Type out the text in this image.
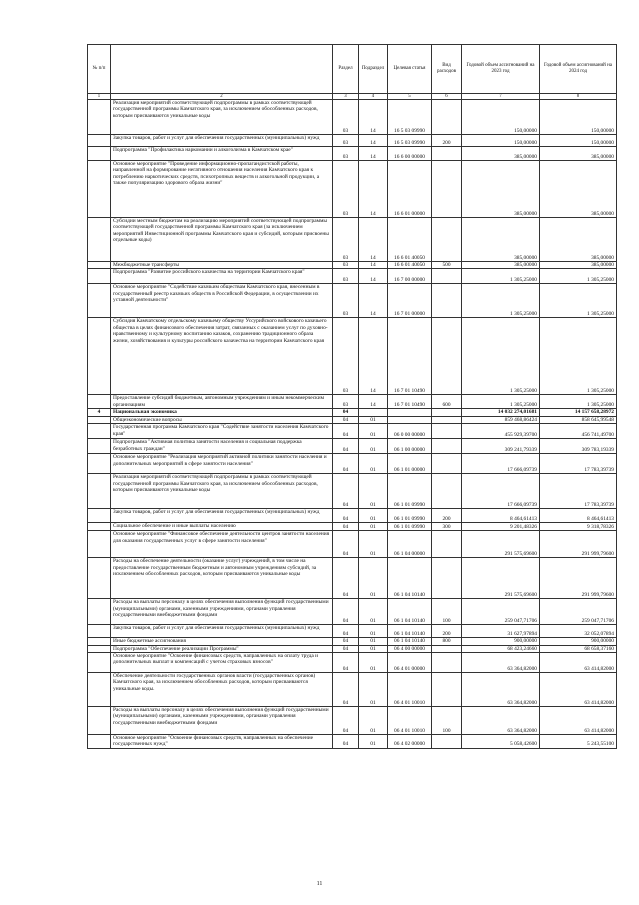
№ п/п		Раздел	Подраздел	Целевая статья	Вид расходов	Годовой объем ассигнований на 2023 год	Годовой объем ассигнований на 2024 год
1	2	3	4	5	6	7	8
	Реализация мероприятий соответствующей подпрограммы в рамках соответствующей государственной программы Камчатского края, за исключением обособленных расходов, которым присваиваются уникальные коды	03	14	16 5 03 09990		150,00000	150,00000
	Закупка товаров, работ и услуг для обеспечения государственных (муниципальных) нужд	03	14	16 5 03 09990	200	150,00000	150,00000
	Подпрограмма "Профилактика наркомании и алкоголизма в Камчатском крае"	03	14	16 6 00 00000		385,00000	385,00000
	Основное мероприятие "Проведение информационно-пропагандистской работы, направленной на формирование негативного отношения населения Камчатского края к потреблению наркотических средств, психотропных веществ и алкогольной продукции, а также популяризацию здорового образа жизни"	03	14	16 6 01 00000		385,00000	385,00000
	Субсидии местным бюджетам на реализацию мероприятий соответствующей подпрограммы соответствующей государственной программы Камчатского края (за исключением мероприятий Инвестиционной программы Камчатского края и субсидий, которым присвоены отдельные коды)	03	14	16 6 01 40050		385,00000	385,00000
	Межбюджетные трансферты	03	14	16 6 01 40050	500	385,00000	385,00000
	Подпрограмма "Развитие российского казачества на территории Камчатского края"	03	14	16 7 00 00000		1 305,25000	1 305,25000
	Основное мероприятие "Содействие казачьим обществам Камчатского края, внесенным в государственный реестр казачьих обществ в Российской Федерации, в осуществлении их уставной деятельности"	03	14	16 7 01 00000		1 305,25000	1 305,25000
	Субсидия Камчатскому отдельскому казачьему обществу Уссурийского войскового казачьего общества в целях финансового обеспечения затрат, связанных с оказанием услуг по духовно-нравственному и культурному воспитанию казаков, сохранению традиционного образа жизни, хозяйствования и культуры российского казачества на территории Камчатского края	03	14	16 7 01 10490		1 305,25000	1 305,25000
	Предоставление субсидий бюджетным, автономным учреждениям и иным некоммерческим организациям	03	14	16 7 01 10490	600	1 305,25000	1 305,25000
4	Национальная экономика	04				14 032 274,01681	14 157 658,28972
	Общеэкономические вопросы	04	01			859 468,86424	858 645,99548
	Государственная программа Камчатского края "Содействие занятости населения Камчатского края"	04	01	06 0 00 00000		455 929,39700	456 741,49700
	Подпрограмма "Активная политика занятости населения и социальная поддержка безработных граждан"	04	01	06 1 00 00000		309 241,79339	309 783,19339
	Основное мероприятие "Реализация мероприятий активной политики занятости населения и дополнительных мероприятий в сфере занятости населения"	04	01	06 1 01 00000		17 666,09739	17 783,39739
	Реализация мероприятий соответствующей подпрограммы в рамках соответствующей государственной программы Камчатского края, за исключением обособленных расходов, которым присваиваются уникальные коды	04	01	06 1 01 09990		17 666,09739	17 783,39739
	Закупка товаров, работ и услуг для обеспечения государственных (муниципальных) нужд	04	01	06 1 01 09990	200	8 464,61413	8 464,61413
	Социальное обеспечение и иные выплаты населению	04	01	06 1 01 09990	300	9 201,48326	9 318,78326
	Основное мероприятие "Финансовое обеспечение деятельности центров занятости населения для оказания государственных услуг в сфере занятости населения"	04	01	06 1 04 00000		291 575,69600	291 999,79600
	Расходы на обеспечение деятельности (оказание услуг) учреждений, в том числе на предоставление государственным бюджетным и автономным учреждениям субсидий, за исключением обособленных расходов, которым присваиваются уникальные коды	04	01	06 1 04 10140		291 575,69600	291 999,79600
	Расходы на выплаты персоналу в целях обеспечения выполнения функций государственными (муниципальными) органами, казенными учреждениями, органами управления государственными внебюджетными фондами	04	01	06 1 04 10140	100	259 047,71706	259 047,71706
	Закупка товаров, работ и услуг для обеспечения государственных (муниципальных) нужд	04	01	06 1 04 10140	200	31 627,97894	32 052,07894
	Иные бюджетные ассигнования	04	01	06 1 04 10140	800	900,00000	900,00000
	Подпрограмма "Обеспечение реализации Программы"	04	01	06 4 00 00000		68 423,24660	68 658,37160
	Основное мероприятие "Освоение финансовых средств, направленных на оплату труда и дополнительных выплат и компенсаций с учетом страховых взносов"	04	01	06 4 01 00000		63 364,82000	63 414,82000
	Обеспечение деятельности государственных органов власти (государственных органов) Камчатского края, за исключением обособленных расходов, которым присваиваются уникальные коды.	04	01	06 4 01 10010		63 364,82000	63 414,82000
	Расходы на выплаты персоналу в целях обеспечения выполнения функций государственными (муниципальными) органами, казенными учреждениями, органами управления государственными внебюджетными фондами	04	01	06 4 01 10010	100	63 364,82000	63 414,82000
	Основное мероприятие "Освоение финансовых средств, направленных на обеспечение государственных нужд"	04	01	06 4 02 00000		5 058,42600	5 243,55100
11
